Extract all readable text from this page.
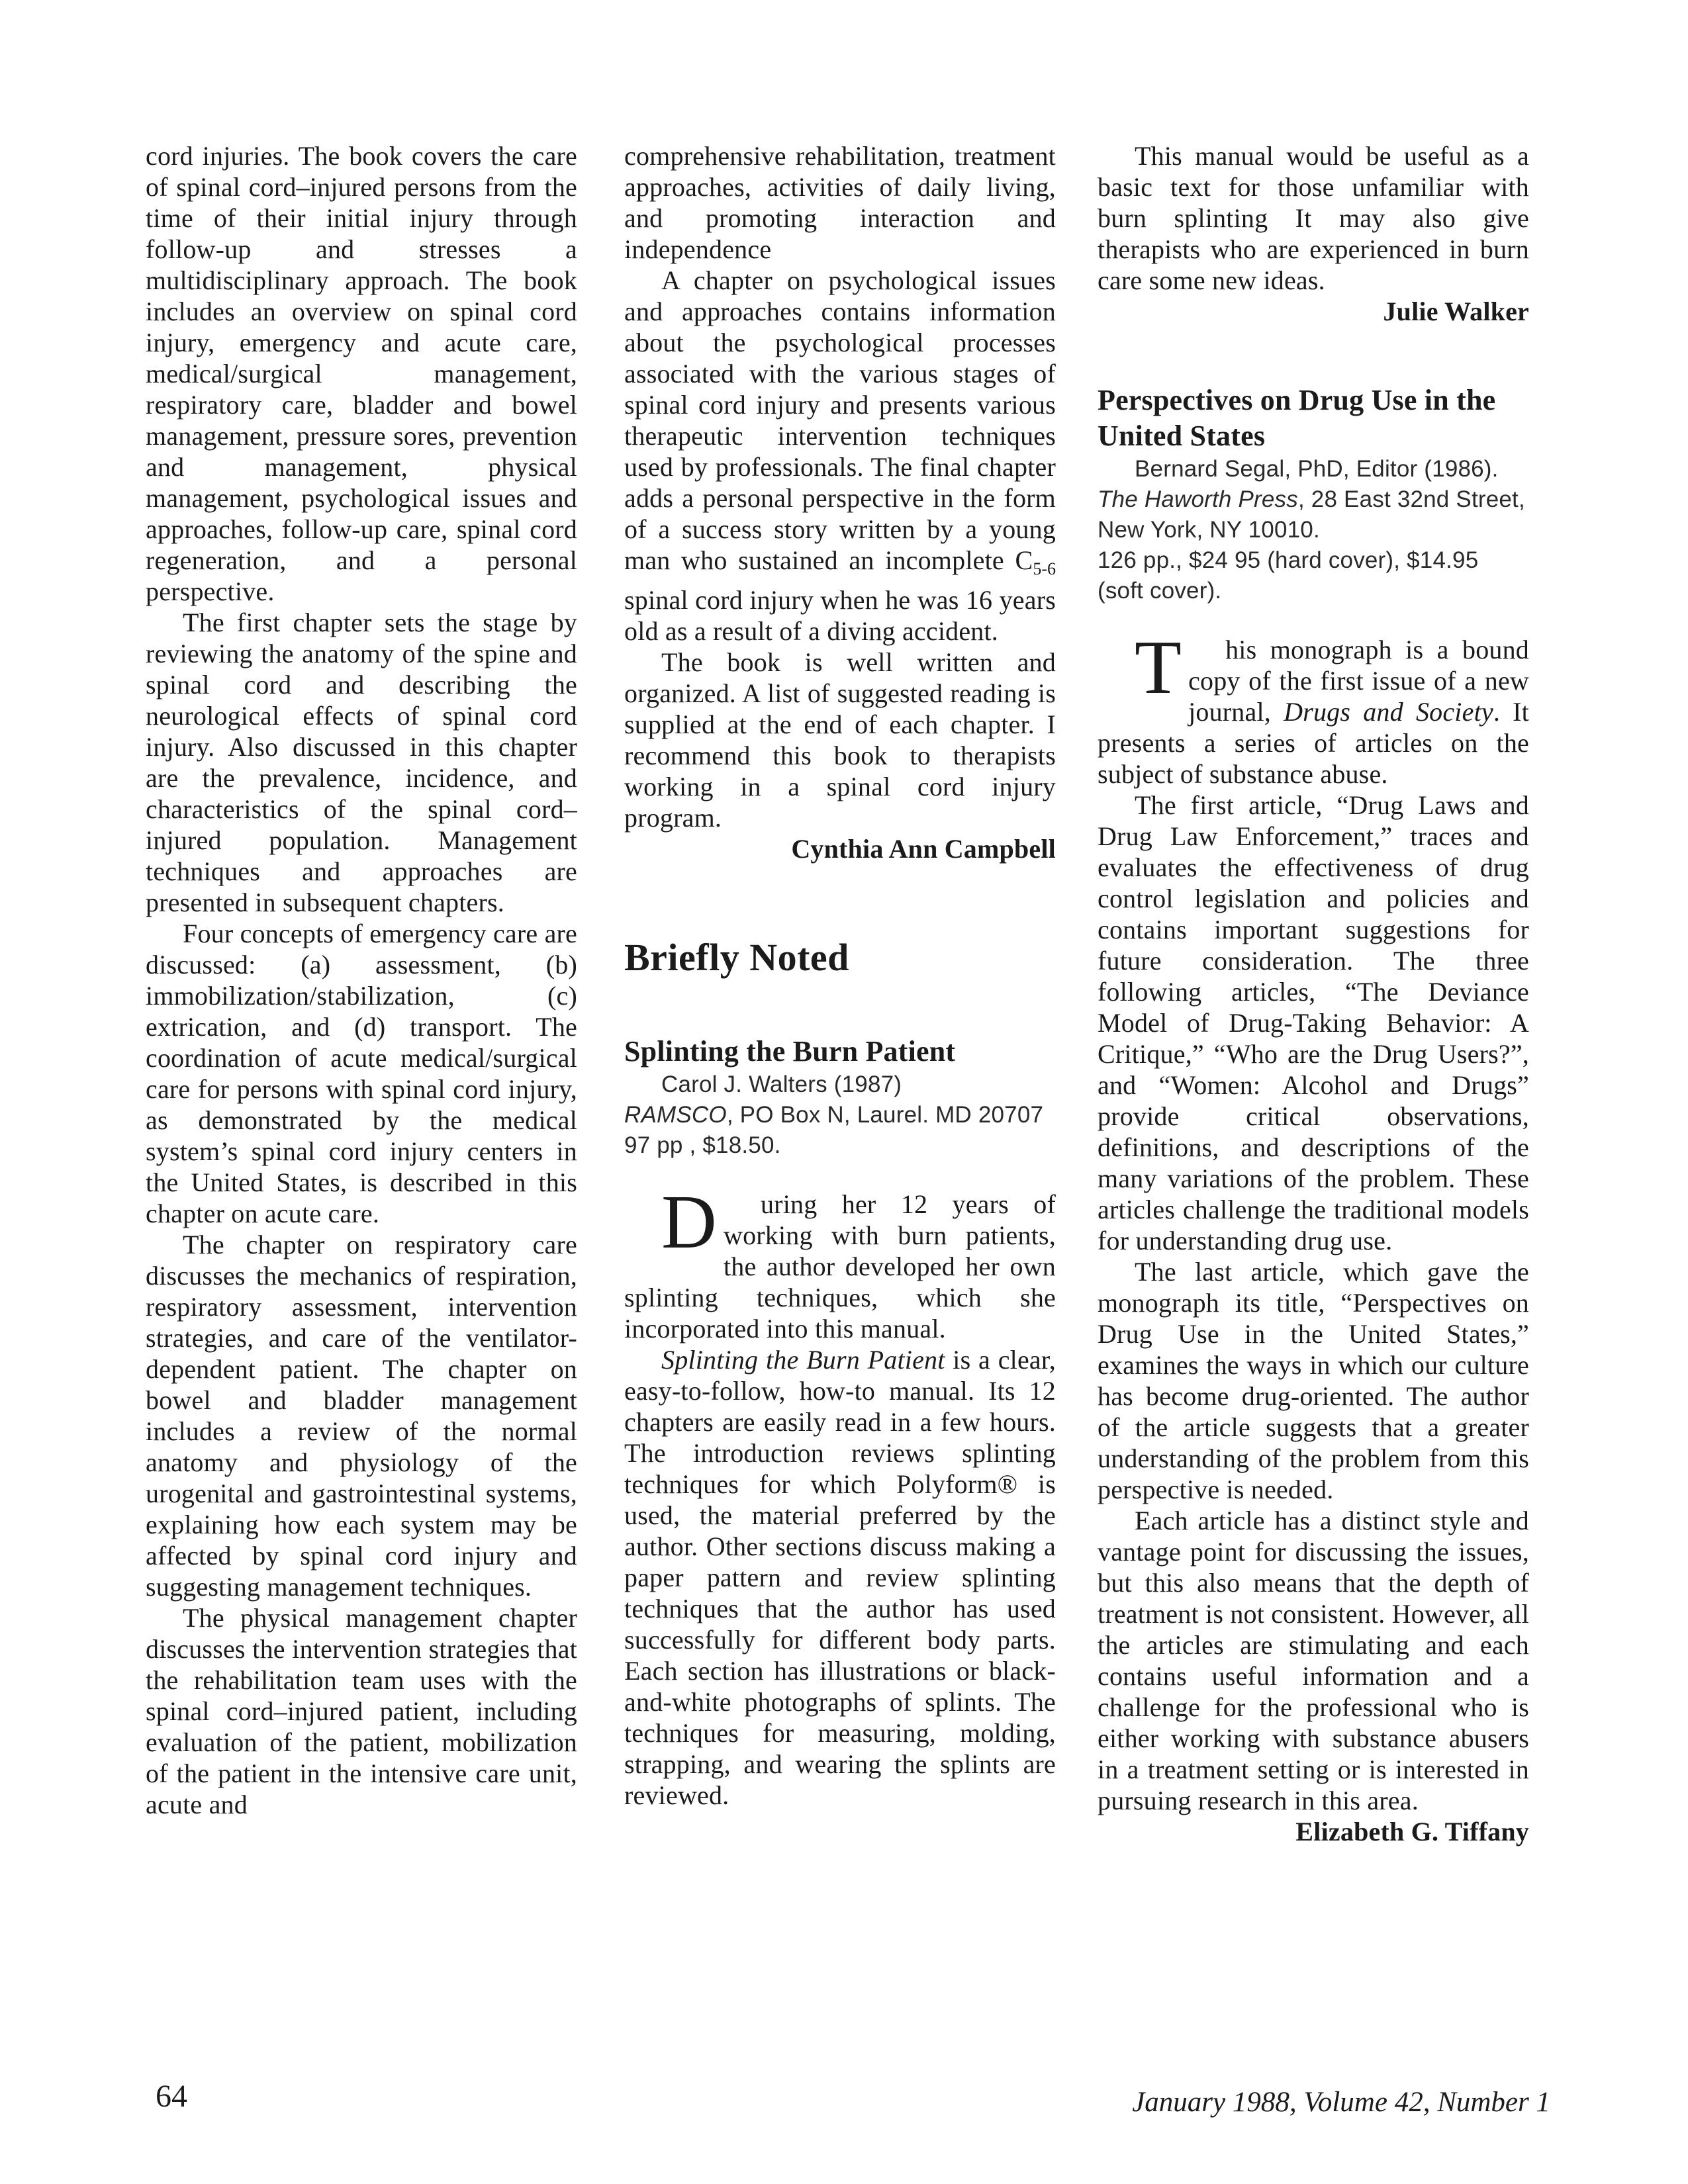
cord injuries. The book covers the care of spinal cord–injured persons from the time of their initial injury through follow-up and stresses a multidisciplinary approach. The book includes an overview on spinal cord injury, emergency and acute care, medical/surgical management, respiratory care, bladder and bowel management, pressure sores, prevention and management, physical management, psychological issues and approaches, follow-up care, spinal cord regeneration, and a personal perspective.

The first chapter sets the stage by reviewing the anatomy of the spine and spinal cord and describing the neurological effects of spinal cord injury. Also discussed in this chapter are the prevalence, incidence, and characteristics of the spinal cord–injured population. Management techniques and approaches are presented in subsequent chapters.

Four concepts of emergency care are discussed: (a) assessment, (b) immobilization/stabilization, (c) extrication, and (d) transport. The coordination of acute medical/surgical care for persons with spinal cord injury, as demonstrated by the medical system’s spinal cord injury centers in the United States, is described in this chapter on acute care.

The chapter on respiratory care discusses the mechanics of respiration, respiratory assessment, intervention strategies, and care of the ventilator-dependent patient. The chapter on bowel and bladder management includes a review of the normal anatomy and physiology of the urogenital and gastrointestinal systems, explaining how each system may be affected by spinal cord injury and suggesting management techniques.

The physical management chapter discusses the intervention strategies that the rehabilitation team uses with the spinal cord–injured patient, including evaluation of the patient, mobilization of the patient in the intensive care unit, acute and

comprehensive rehabilitation, treatment approaches, activities of daily living, and promoting interaction and independence

A chapter on psychological issues and approaches contains information about the psychological processes associated with the various stages of spinal cord injury and presents various therapeutic intervention techniques used by professionals. The final chapter adds a personal perspective in the form of a success story written by a young man who sustained an incomplete C5-6 spinal cord injury when he was 16 years old as a result of a diving accident.

The book is well written and organized. A list of suggested reading is supplied at the end of each chapter. I recommend this book to therapists working in a spinal cord injury program.

Cynthia Ann Campbell

Briefly Noted
Splinting the Burn Patient

Carol J. Walters (1987)
RAMSCO, PO Box N, Laurel. MD 20707
97 pp , $18.50.

D uring her 12 years of working with burn patients, the author developed her own splinting techniques, which she incorporated into this manual.

Splinting the Burn Patient is a clear, easy-to-follow, how-to manual. Its 12 chapters are easily read in a few hours. The introduction reviews splinting techniques for which Polyform® is used, the material preferred by the author. Other sections discuss making a paper pattern and review splinting techniques that the author has used successfully for different body parts. Each section has illustrations or black-and-white photographs of splints. The techniques for measuring, molding, strapping, and wearing the splints are reviewed.

This manual would be useful as a basic text for those unfamiliar with burn splinting It may also give therapists who are experienced in burn care some new ideas.

Julie Walker

Perspectives on Drug Use in the United States

Bernard Segal, PhD, Editor (1986).
The Haworth Press, 28 East 32nd Street, New York, NY 10010.
126 pp., $24 95 (hard cover), $14.95 (soft cover).

T his monograph is a bound copy of the first issue of a new journal, Drugs and Society. It presents a series of articles on the subject of substance abuse.

The first article, “Drug Laws and Drug Law Enforcement,” traces and evaluates the effectiveness of drug control legislation and policies and contains important suggestions for future consideration. The three following articles, “The Deviance Model of Drug-Taking Behavior: A Critique,” “Who are the Drug Users?”, and “Women: Alcohol and Drugs” provide critical observations, definitions, and descriptions of the many variations of the problem. These articles challenge the traditional models for understanding drug use.

The last article, which gave the monograph its title, “Perspectives on Drug Use in the United States,” examines the ways in which our culture has become drug-oriented. The author of the article suggests that a greater understanding of the problem from this perspective is needed.

Each article has a distinct style and vantage point for discussing the issues, but this also means that the depth of treatment is not consistent. However, all the articles are stimulating and each contains useful information and a challenge for the professional who is either working with substance abusers in a treatment setting or is interested in pursuing research in this area.

Elizabeth G. Tiffany

64	January 1988, Volume 42, Number 1
